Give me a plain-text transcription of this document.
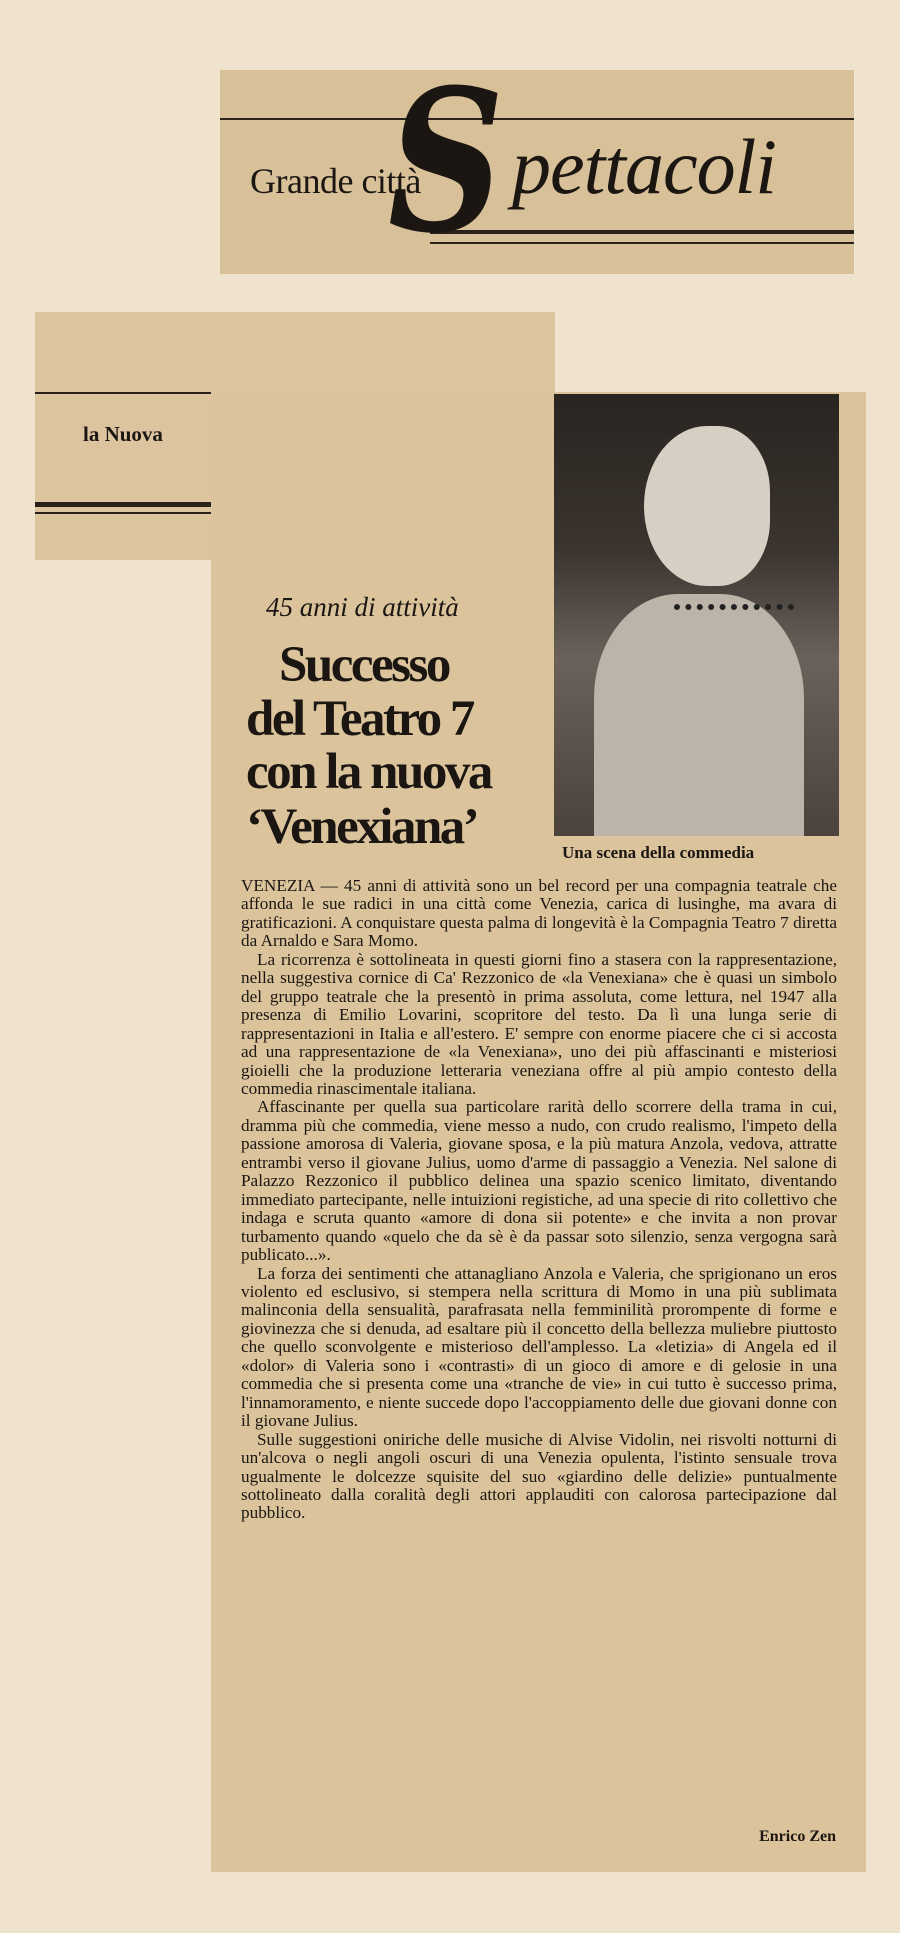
Grande città
S pettacoli
la Nuova
Una scena della commedia
45 anni di attività
Successo
del Teatro 7
con la nuova
‘Venexiana’

VENEZIA — 45 anni di attività sono un bel record per una compagnia teatrale che affonda le sue radici in una città come Venezia, carica di lusinghe, ma avara di gratificazioni. A conquistare questa palma di longevità è la Compagnia Teatro 7 diretta da Arnaldo e Sara Momo.

La ricorrenza è sottolineata in questi giorni fino a stasera con la rappresentazione, nella suggestiva cornice di Ca' Rezzonico de «la Venexiana» che è quasi un simbolo del gruppo teatrale che la presentò in prima assoluta, come lettura, nel 1947 alla presenza di Emilio Lovarini, scopritore del testo. Da lì una lunga serie di rappresentazioni in Italia e all'estero. E' sempre con enorme piacere che ci si accosta ad una rappresentazione de «la Venexiana», uno dei più affascinanti e misteriosi gioielli che la produzione letteraria veneziana offre al più ampio contesto della commedia rinascimentale italiana.

Affascinante per quella sua particolare rarità dello scorrere della trama in cui, dramma più che commedia, viene messo a nudo, con crudo realismo, l'impeto della passione amorosa di Valeria, giovane sposa, e la più matura Anzola, vedova, attratte entrambi verso il giovane Julius, uomo d'arme di passaggio a Venezia. Nel salone di Palazzo Rezzonico il pubblico delinea una spazio scenico limitato, diventando immediato partecipante, nelle intuizioni registiche, ad una specie di rito collettivo che indaga e scruta quanto «amore di dona sii potente» e che invita a non provar turbamento quando «quelo che da sè è da passar soto silenzio, senza vergogna sarà publicato...».

La forza dei sentimenti che attanagliano Anzola e Valeria, che sprigionano un eros violento ed esclusivo, si stempera nella scrittura di Momo in una più sublimata malinconia della sensualità, parafrasata nella femminilità prorompente di forme e giovinezza che si denuda, ad esaltare più il concetto della bellezza muliebre piuttosto che quello sconvolgente e misterioso dell'amplesso. La «letizia» di Angela ed il «dolor» di Valeria sono i «contrasti» di un gioco di amore e di gelosie in una commedia che si presenta come una «tranche de vie» in cui tutto è successo prima, l'innamoramento, e niente succede dopo l'accoppiamento delle due giovani donne con il giovane Julius.

Sulle suggestioni oniriche delle musiche di Alvise Vidolin, nei risvolti notturni di un'alcova o negli angoli oscuri di una Venezia opulenta, l'istinto sensuale trova ugualmente le dolcezze squisite del suo «giardino delle delizie» puntualmente sottolineato dalla coralità degli attori applauditi con calorosa partecipazione dal pubblico.

Enrico Zen
